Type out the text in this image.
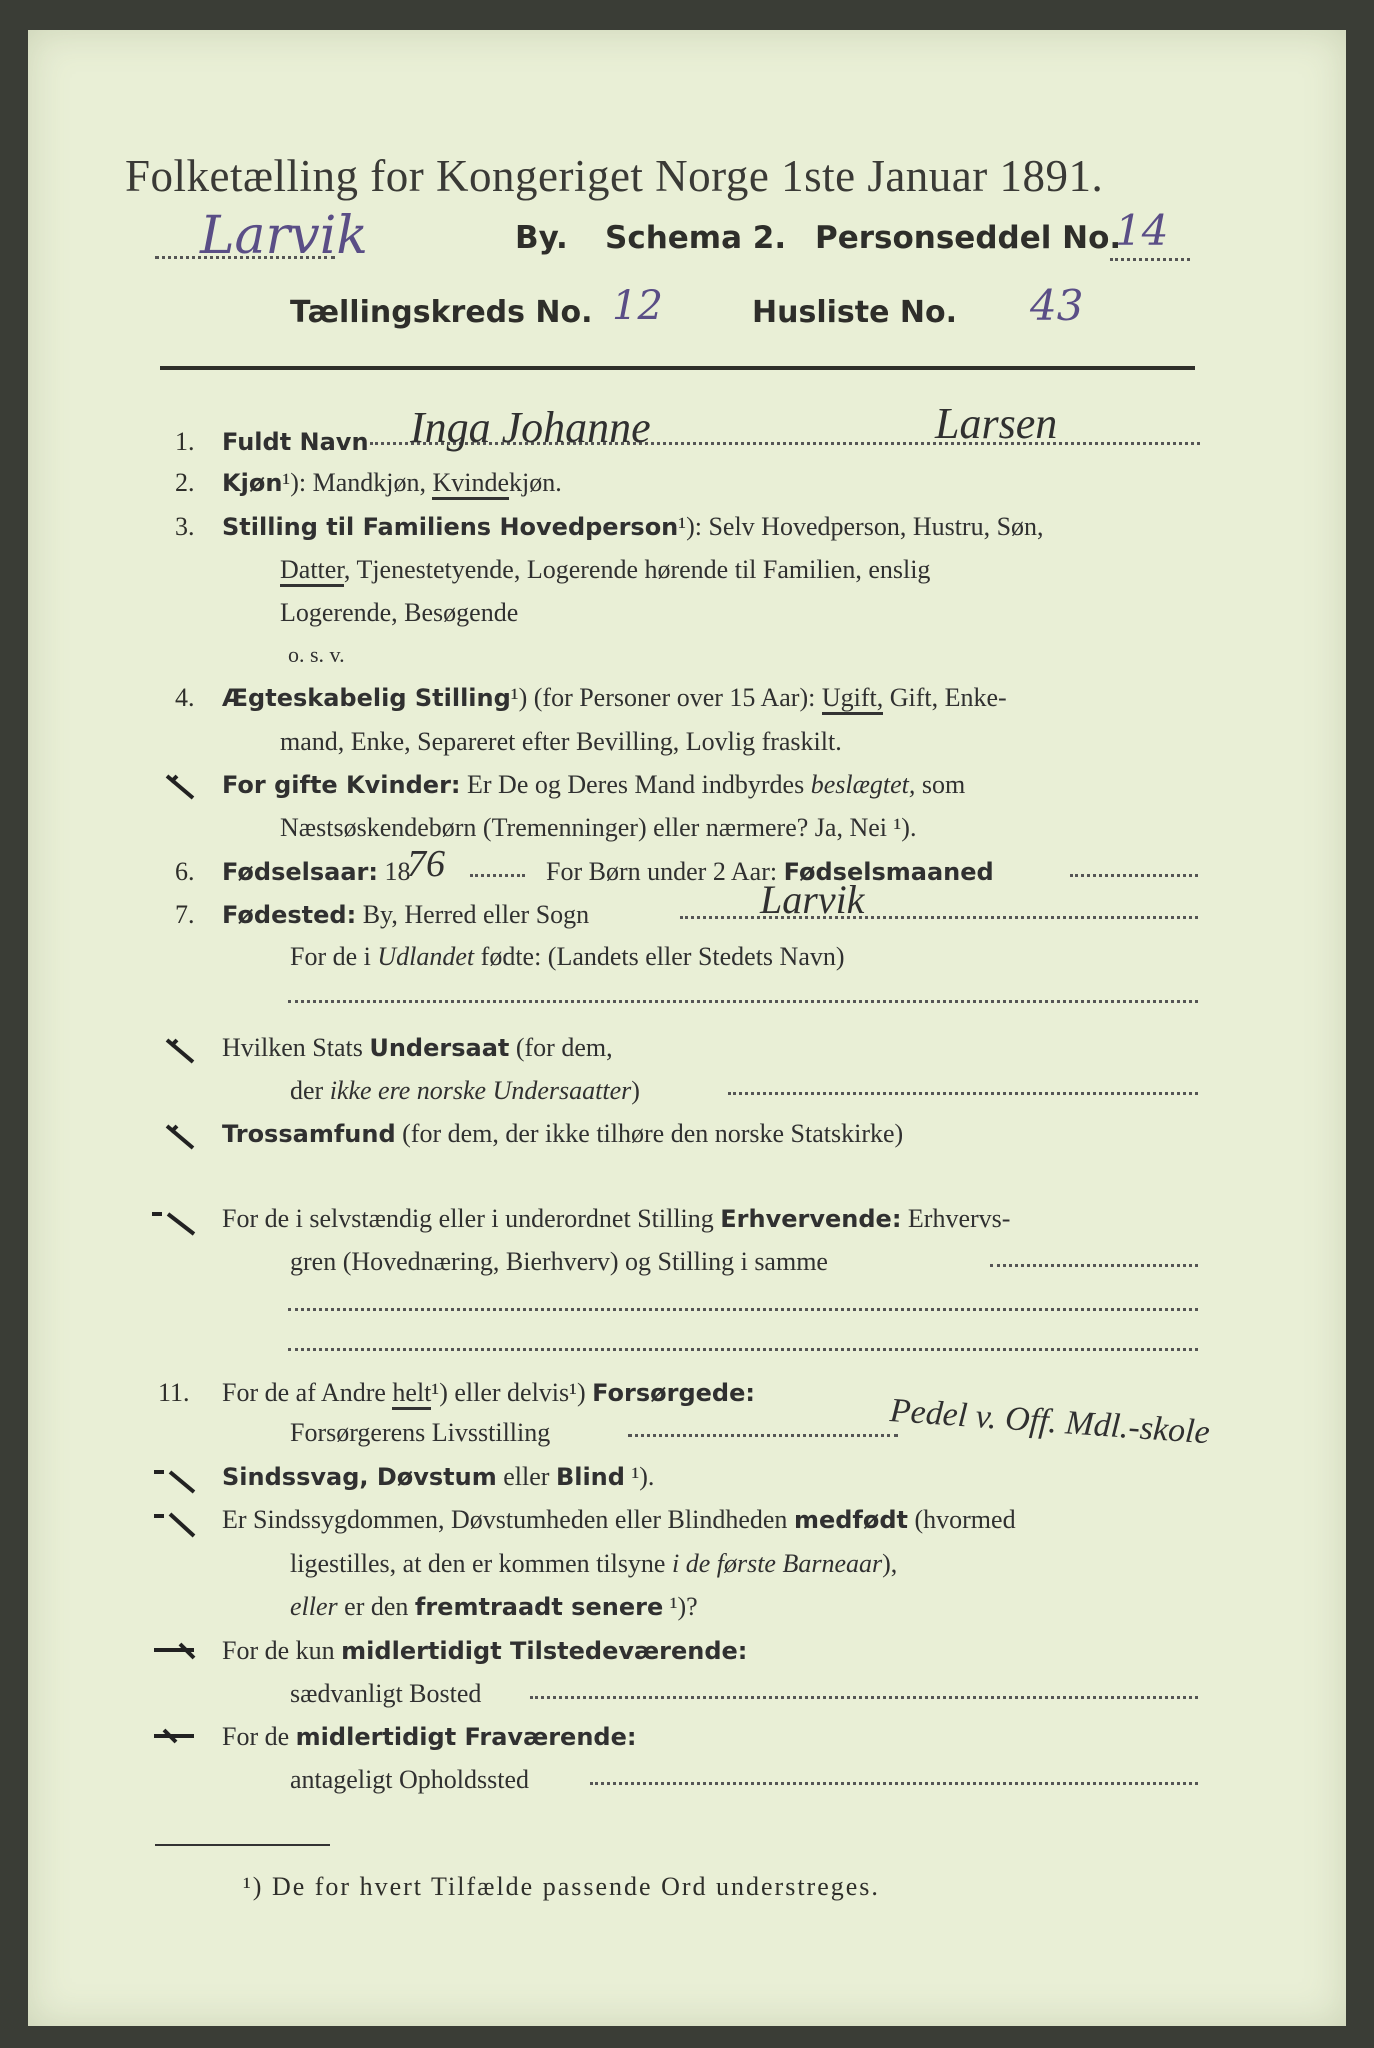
Folketælling for Kongeriget Norge 1ste Januar 1891.
Larvik	By. Schema 2. Personseddel No.
14
Tællingskreds No. 12	Husliste No. 43
1.	Fuldt Navn Inga Johanne	Larsen
2.	Kjøn¹): Mandkjøn, Kvindekjøn.
3.	Stilling til Familiens Hovedperson¹): Selv Hovedperson, Hustru, Søn,
Datter, Tjenestetyende, Logerende hørende til Familien, enslig
Logerende, Besøgende
o. s. v.
4.	Ægteskabelig Stilling¹) (for Personer over 15 Aar): Ugift, Gift, Enke-
mand, Enke, Separeret efter Bevilling, Lovlig fraskilt.
For gifte Kvinder: Er De og Deres Mand indbyrdes beslægtet, som
Næstsøskendebørn (Tremenninger) eller nærmere? Ja, Nei ¹).
6.	Fødselsaar: 18
76	For Børn under 2 Aar: Fødselsmaaned
7.	Fødested: By, Herred eller Sogn	Larvik
For de i Udlandet fødte: (Landets eller Stedets Navn)
Hvilken Stats Undersaat (for dem,
der ikke ere norske Undersaatter)
Trossamfund (for dem, der ikke tilhøre den norske Statskirke)
For de i selvstændig eller i underordnet Stilling Erhvervende: Erhvervs-
gren (Hovednæring, Bierhverv) og Stilling i samme
11.	For de af Andre helt¹) eller delvis¹) Forsørgede:
Forsørgerens Livsstilling	Pedel v. Off. Mdl.-skole
Sindssvag, Døvstum eller Blind ¹).
Er Sindssygdommen, Døvstumheden eller Blindheden medfødt (hvormed
ligestilles, at den er kommen tilsyne i de første Barneaar),
eller er den fremtraadt senere ¹)?
For de kun midlertidigt Tilstedeværende:
sædvanligt Bosted
For de midlertidigt Fraværende:
antageligt Opholdssted
¹) De for hvert Tilfælde passende Ord understreges.
